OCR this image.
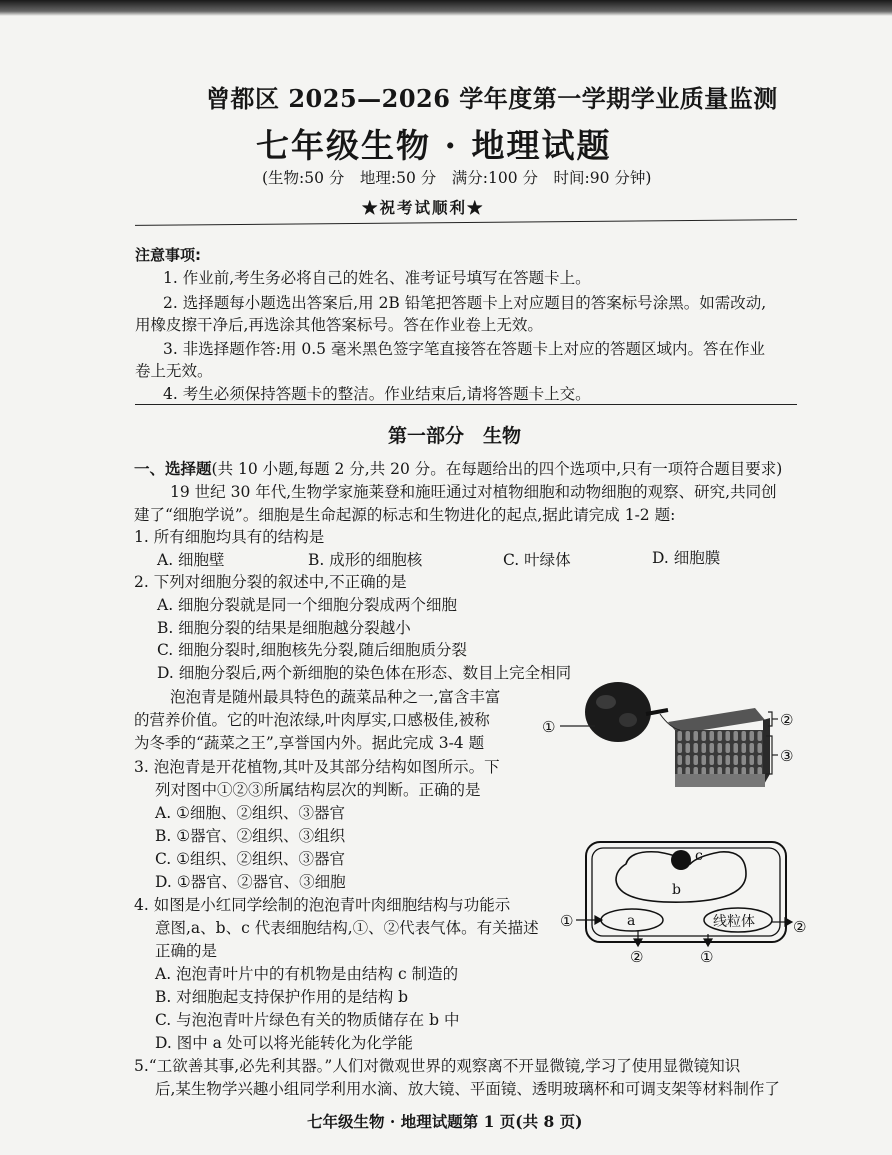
曾都区 2025—2026 学年度第一学期学业质量监测
七年级生物 · 地理试题
(生物:50 分　地理:50 分　满分:100 分　时间:90 分钟)
★祝考试顺利★
注意事项:
1. 作业前,考生务必将自己的姓名、准考证号填写在答题卡上。
2. 选择题每小题选出答案后,用 2B 铅笔把答题卡上对应题目的答案标号涂黑。如需改动,
用橡皮擦干净后,再选涂其他答案标号。答在作业卷上无效。
3. 非选择题作答:用 0.5 毫米黑色签字笔直接答在答题卡上对应的答题区域内。答在作业
卷上无效。
4. 考生必须保持答题卡的整洁。作业结束后,请将答题卡上交。
第一部分　生物
一、选择题(共 10 小题,每题 2 分,共 20 分。在每题给出的四个选项中,只有一项符合题目要求)
19 世纪 30 年代,生物学家施莱登和施旺通过对植物细胞和动物细胞的观察、研究,共同创
建了“细胞学说”。细胞是生命起源的标志和生物进化的起点,据此请完成 1-2 题:
1. 所有细胞均具有的结构是
A. 细胞壁	B. 成形的细胞核	C. 叶绿体	D. 细胞膜
2. 下列对细胞分裂的叙述中,不正确的是
A. 细胞分裂就是同一个细胞分裂成两个细胞
B. 细胞分裂的结果是细胞越分裂越小
C. 细胞分裂时,细胞核先分裂,随后细胞质分裂
D. 细胞分裂后,两个新细胞的染色体在形态、数目上完全相同
泡泡青是随州最具特色的蔬菜品种之一,富含丰富
的营养价值。它的叶泡浓绿,叶肉厚实,口感极佳,被称
为冬季的“蔬菜之王”,享誉国内外。据此完成 3-4 题
3. 泡泡青是开花植物,其叶及其部分结构如图所示。下
列对图中①②③所属结构层次的判断。正确的是
A. ①细胞、②组织、③器官
B. ①器官、②组织、③组织
C. ①组织、②组织、③器官
D. ①器官、②器官、③细胞
4. 如图是小红同学绘制的泡泡青叶肉细胞结构与功能示
意图,a、b、c 代表细胞结构,①、②代表气体。有关描述
正确的是
A. 泡泡青叶片中的有机物是由结构 c 制造的
B. 对细胞起支持保护作用的是结构 b
C. 与泡泡青叶片绿色有关的物质储存在 b 中
D. 图中 a 处可以将光能转化为化学能
5.“工欲善其事,必先利其器。”人们对微观世界的观察离不开显微镜,学习了使用显微镜知识
后,某生物学兴趣小组同学利用水滴、放大镜、平面镜、透明玻璃杯和可调支架等材料制作了
七年级生物 · 地理试题第 1 页(共 8 页)
①	②
③
c
b
a	线粒体
①	②
②	①
